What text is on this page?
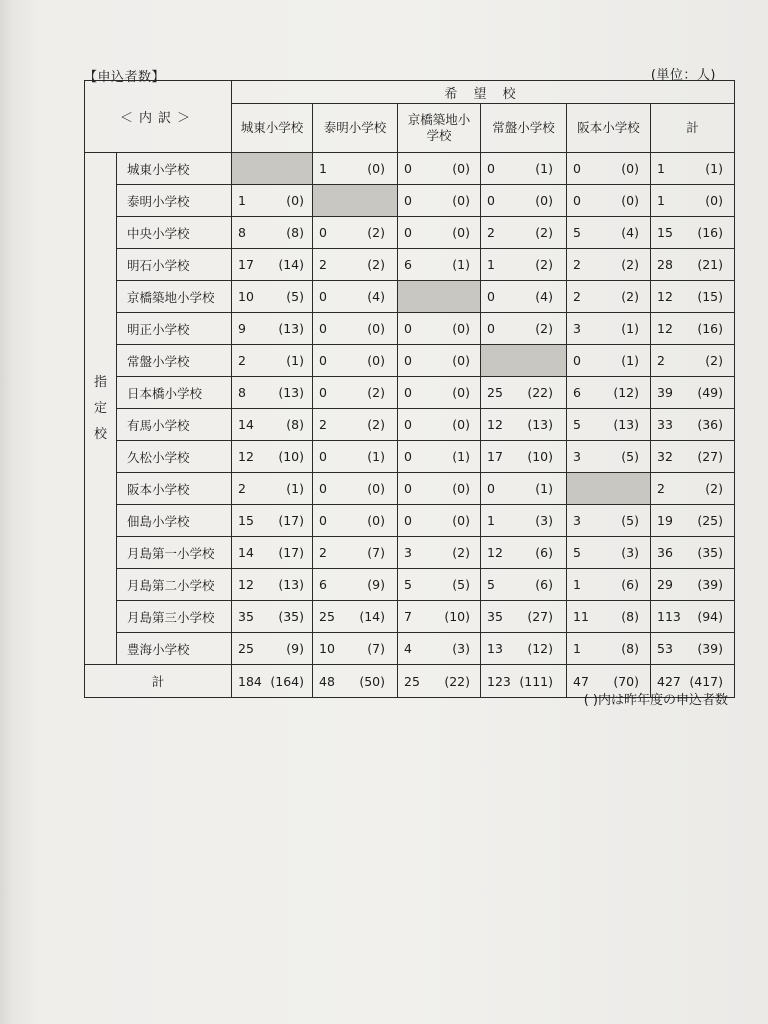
【申込者数】	(単位：人)
＜内訳＞		希 望 校					
		城東小学校	泰明小学校	京橋築地小学校	常盤小学校	阪本小学校	計

指定校	城東小学校		1 (0)	0 (0)	0 (1)	0 (0)	1 (1)
	泰明小学校	1 (0)		0 (0)	0 (0)	0 (0)	1 (0)
	中央小学校	8 (8)	0 (2)	0 (0)	2 (2)	5 (4)	15 (16)
	明石小学校	17 (14)	2 (2)	6 (1)	1 (2)	2 (2)	28 (21)
	京橋築地小学校	10 (5)	0 (4)		0 (4)	2 (2)	12 (15)
	明正小学校	9 (13)	0 (0)	0 (0)	0 (2)	3 (1)	12 (16)
	常盤小学校	2 (1)	0 (0)	0 (0)		0 (1)	2 (2)
	日本橋小学校	8 (13)	0 (2)	0 (0)	25 (22)	6 (12)	39 (49)
	有馬小学校	14 (8)	2 (2)	0 (0)	12 (13)	5 (13)	33 (36)
	久松小学校	12 (10)	0 (1)	0 (1)	17 (10)	3 (5)	32 (27)
	阪本小学校	2 (1)	0 (0)	0 (0)	0 (1)		2 (2)
	佃島小学校	15 (17)	0 (0)	0 (0)	1 (3)	3 (5)	19 (25)
	月島第一小学校	14 (17)	2 (7)	3 (2)	12 (6)	5 (3)	36 (35)
	月島第二小学校	12 (13)	6 (9)	5 (5)	5 (6)	1 (6)	29 (39)
	月島第三小学校	35 (35)	25 (14)	7 (10)	35 (27)	11 (8)	113 (94)
	豊海小学校	25 (9)	10 (7)	4 (3)	13 (12)	1 (8)	53 (39)
計		184 (164)	48 (50)	25 (22)	123 (111)	47 (70)	427 (417)
( )内は昨年度の申込者数
